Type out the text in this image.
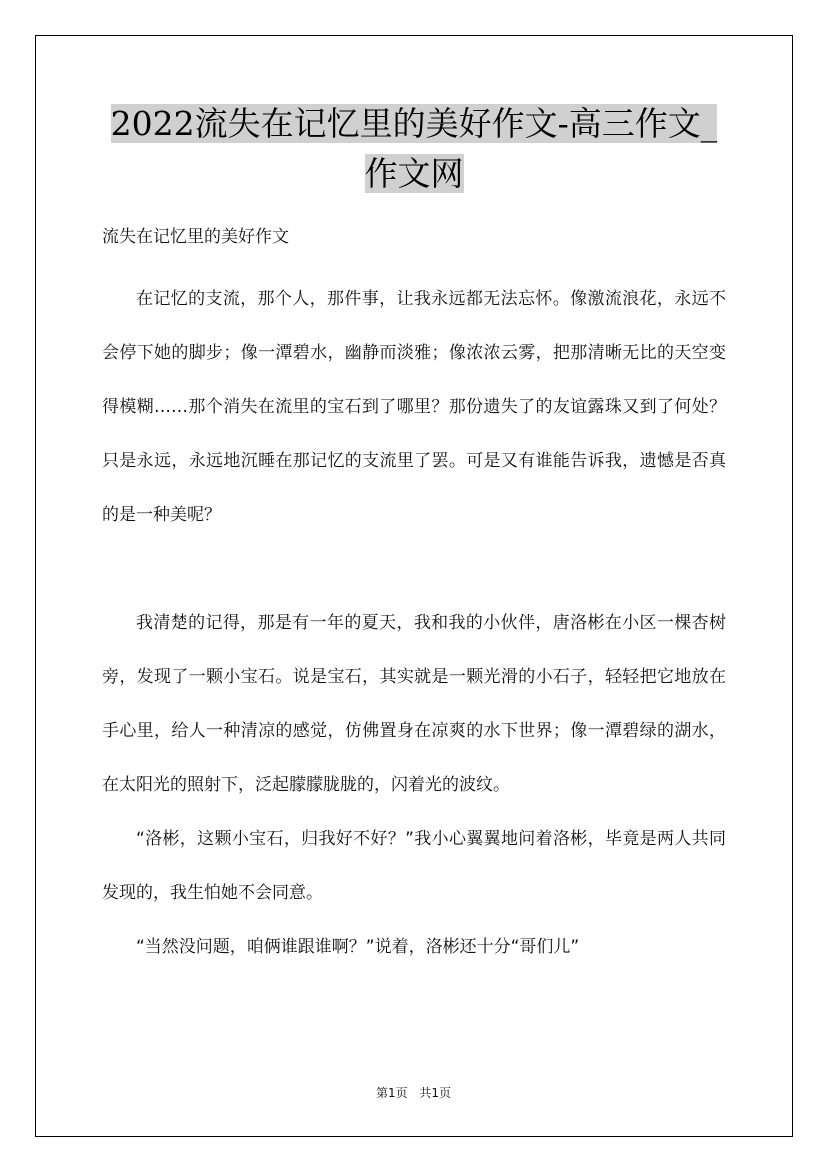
2022流失在记忆里的美好作文-高三作文_作文网

流失在记忆里的美好作文

在记忆的支流，那个人，那件事，让我永远都无法忘怀。像激流浪花，永远不会停下她的脚步；像一潭碧水，幽静而淡雅；像浓浓云雾，把那清晰无比的天空变得模糊……那个消失在流里的宝石到了哪里？那份遗失了的友谊露珠又到了何处？只是永远，永远地沉睡在那记忆的支流里了罢。可是又有谁能告诉我，遗憾是否真的是一种美呢？

我清楚的记得，那是有一年的夏天，我和我的小伙伴，唐洛彬在小区一棵杏树旁，发现了一颗小宝石。说是宝石，其实就是一颗光滑的小石子，轻轻把它地放在手心里，给人一种清凉的感觉，仿佛置身在凉爽的水下世界；像一潭碧绿的湖水，在太阳光的照射下，泛起朦朦胧胧的，闪着光的波纹。

“洛彬，这颗小宝石，归我好不好？”我小心翼翼地问着洛彬，毕竟是两人共同发现的，我生怕她不会同意。

“当然没问题，咱俩谁跟谁啊？”说着，洛彬还十分“哥们儿”

第1页 共1页
